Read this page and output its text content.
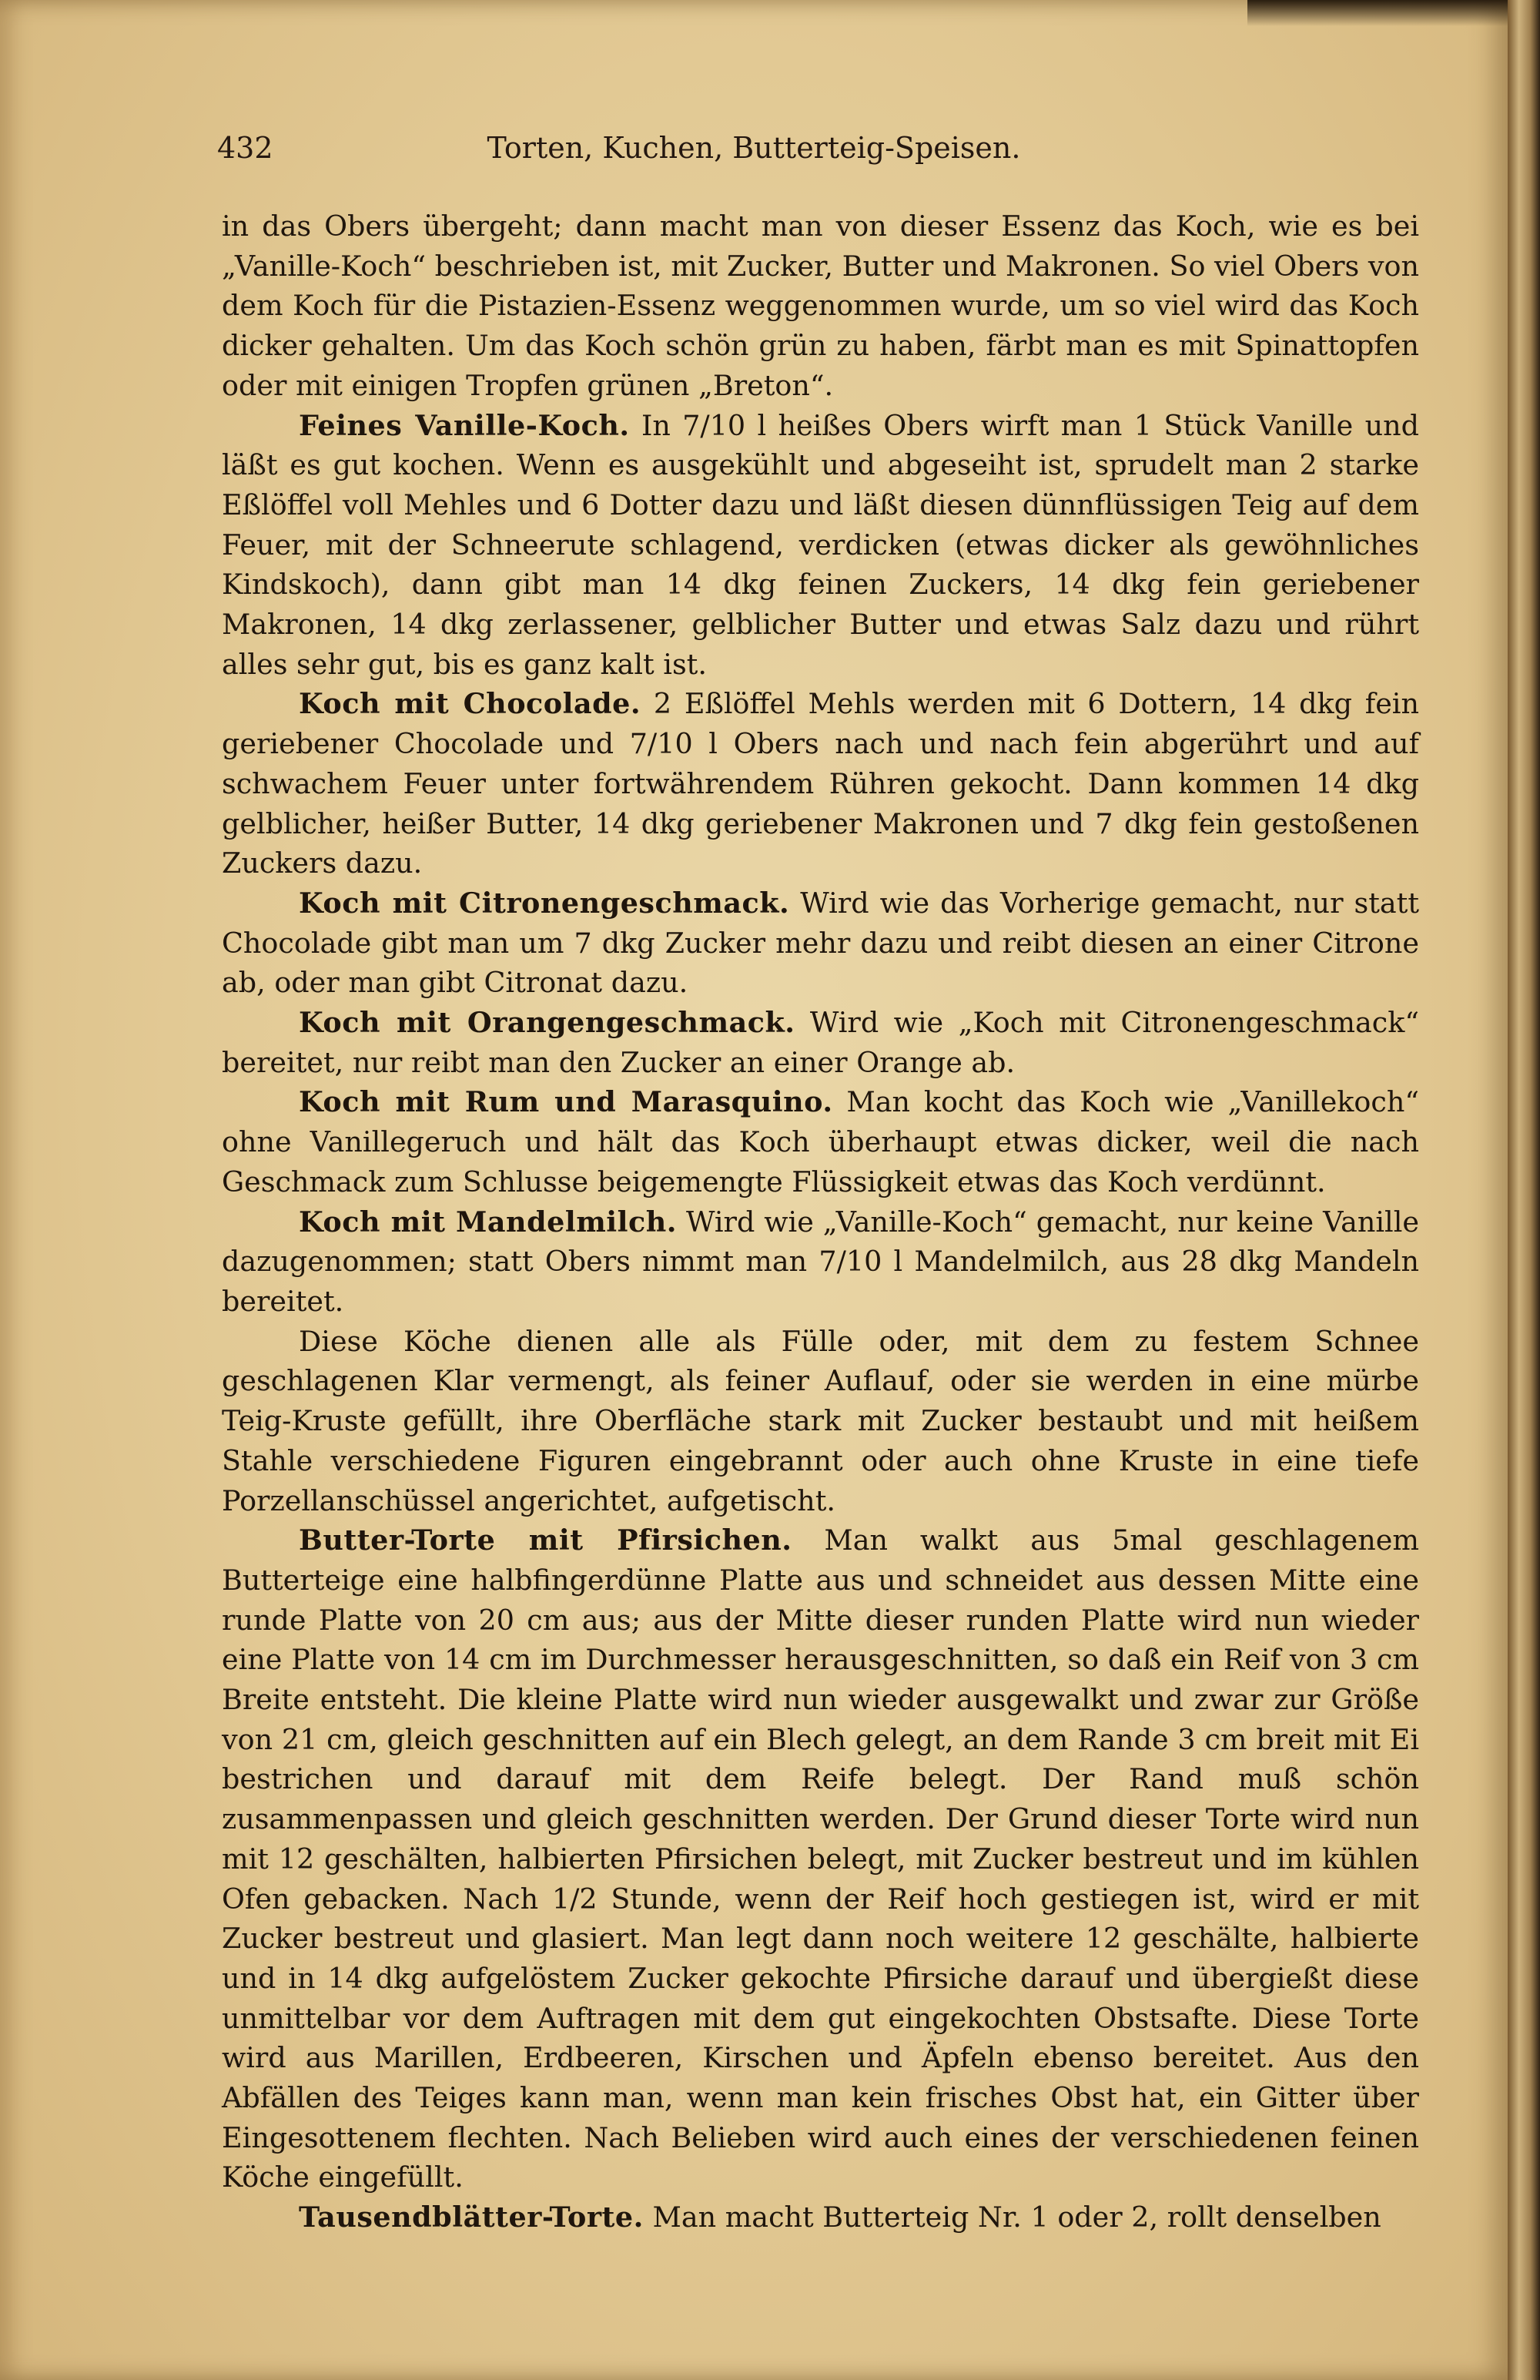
432	Torten, Kuchen, Butterteig-Speisen.

in das Obers übergeht; dann macht man von dieser Essenz das Koch, wie es bei „Vanille-Koch“ beschrieben ist, mit Zucker, Butter und Makronen. So viel Obers von dem Koch für die Pistazien-Essenz weggenommen wurde, um so viel wird das Koch dicker gehalten. Um das Koch schön grün zu haben, färbt man es mit Spinattopfen oder mit einigen Tropfen grünen „Breton“.

Feines Vanille-Koch. In 7/10 l heißes Obers wirft man 1 Stück Vanille und läßt es gut kochen. Wenn es ausgekühlt und abgeseiht ist, sprudelt man 2 starke Eßlöffel voll Mehles und 6 Dotter dazu und läßt diesen dünnflüssigen Teig auf dem Feuer, mit der Schneerute schlagend, verdicken (etwas dicker als gewöhnliches Kindskoch), dann gibt man 14 dkg feinen Zuckers, 14 dkg fein geriebener Makronen, 14 dkg zerlassener, gelblicher Butter und etwas Salz dazu und rührt alles sehr gut, bis es ganz kalt ist.

Koch mit Chocolade. 2 Eßlöffel Mehls werden mit 6 Dottern, 14 dkg fein geriebener Chocolade und 7/10 l Obers nach und nach fein abgerührt und auf schwachem Feuer unter fortwährendem Rühren gekocht. Dann kommen 14 dkg gelblicher, heißer Butter, 14 dkg geriebener Makronen und 7 dkg fein gestoßenen Zuckers dazu.

Koch mit Citronengeschmack. Wird wie das Vorherige gemacht, nur statt Chocolade gibt man um 7 dkg Zucker mehr dazu und reibt diesen an einer Citrone ab, oder man gibt Citronat dazu.

Koch mit Orangengeschmack. Wird wie „Koch mit Citronengeschmack“ bereitet, nur reibt man den Zucker an einer Orange ab.

Koch mit Rum und Marasquino. Man kocht das Koch wie „Vanillekoch“ ohne Vanillegeruch und hält das Koch überhaupt etwas dicker, weil die nach Geschmack zum Schlusse beigemengte Flüssigkeit etwas das Koch verdünnt.

Koch mit Mandelmilch. Wird wie „Vanille-Koch“ gemacht, nur keine Vanille dazugenommen; statt Obers nimmt man 7/10 l Mandelmilch, aus 28 dkg Mandeln bereitet.

Diese Köche dienen alle als Fülle oder, mit dem zu festem Schnee geschlagenen Klar vermengt, als feiner Auflauf, oder sie werden in eine mürbe Teig-Kruste gefüllt, ihre Oberfläche stark mit Zucker bestaubt und mit heißem Stahle verschiedene Figuren eingebrannt oder auch ohne Kruste in eine tiefe Porzellanschüssel angerichtet, aufgetischt.

Butter-Torte mit Pfirsichen. Man walkt aus 5mal geschlagenem Butterteige eine halbfingerdünne Platte aus und schneidet aus dessen Mitte eine runde Platte von 20 cm aus; aus der Mitte dieser runden Platte wird nun wieder eine Platte von 14 cm im Durchmesser herausgeschnitten, so daß ein Reif von 3 cm Breite entsteht. Die kleine Platte wird nun wieder ausgewalkt und zwar zur Größe von 21 cm, gleich geschnitten auf ein Blech gelegt, an dem Rande 3 cm breit mit Ei bestrichen und darauf mit dem Reife belegt. Der Rand muß schön zusammenpassen und gleich geschnitten werden. Der Grund dieser Torte wird nun mit 12 geschälten, halbierten Pfirsichen belegt, mit Zucker bestreut und im kühlen Ofen gebacken. Nach 1/2 Stunde, wenn der Reif hoch gestiegen ist, wird er mit Zucker bestreut und glasiert. Man legt dann noch weitere 12 geschälte, halbierte und in 14 dkg aufgelöstem Zucker gekochte Pfirsiche darauf und übergießt diese unmittelbar vor dem Auftragen mit dem gut eingekochten Obstsafte. Diese Torte wird aus Marillen, Erdbeeren, Kirschen und Äpfeln ebenso bereitet. Aus den Abfällen des Teiges kann man, wenn man kein frisches Obst hat, ein Gitter über Eingesottenem flechten. Nach Belieben wird auch eines der verschiedenen feinen Köche eingefüllt.

Tausendblätter-Torte. Man macht Butterteig Nr. 1 oder 2, rollt denselben
